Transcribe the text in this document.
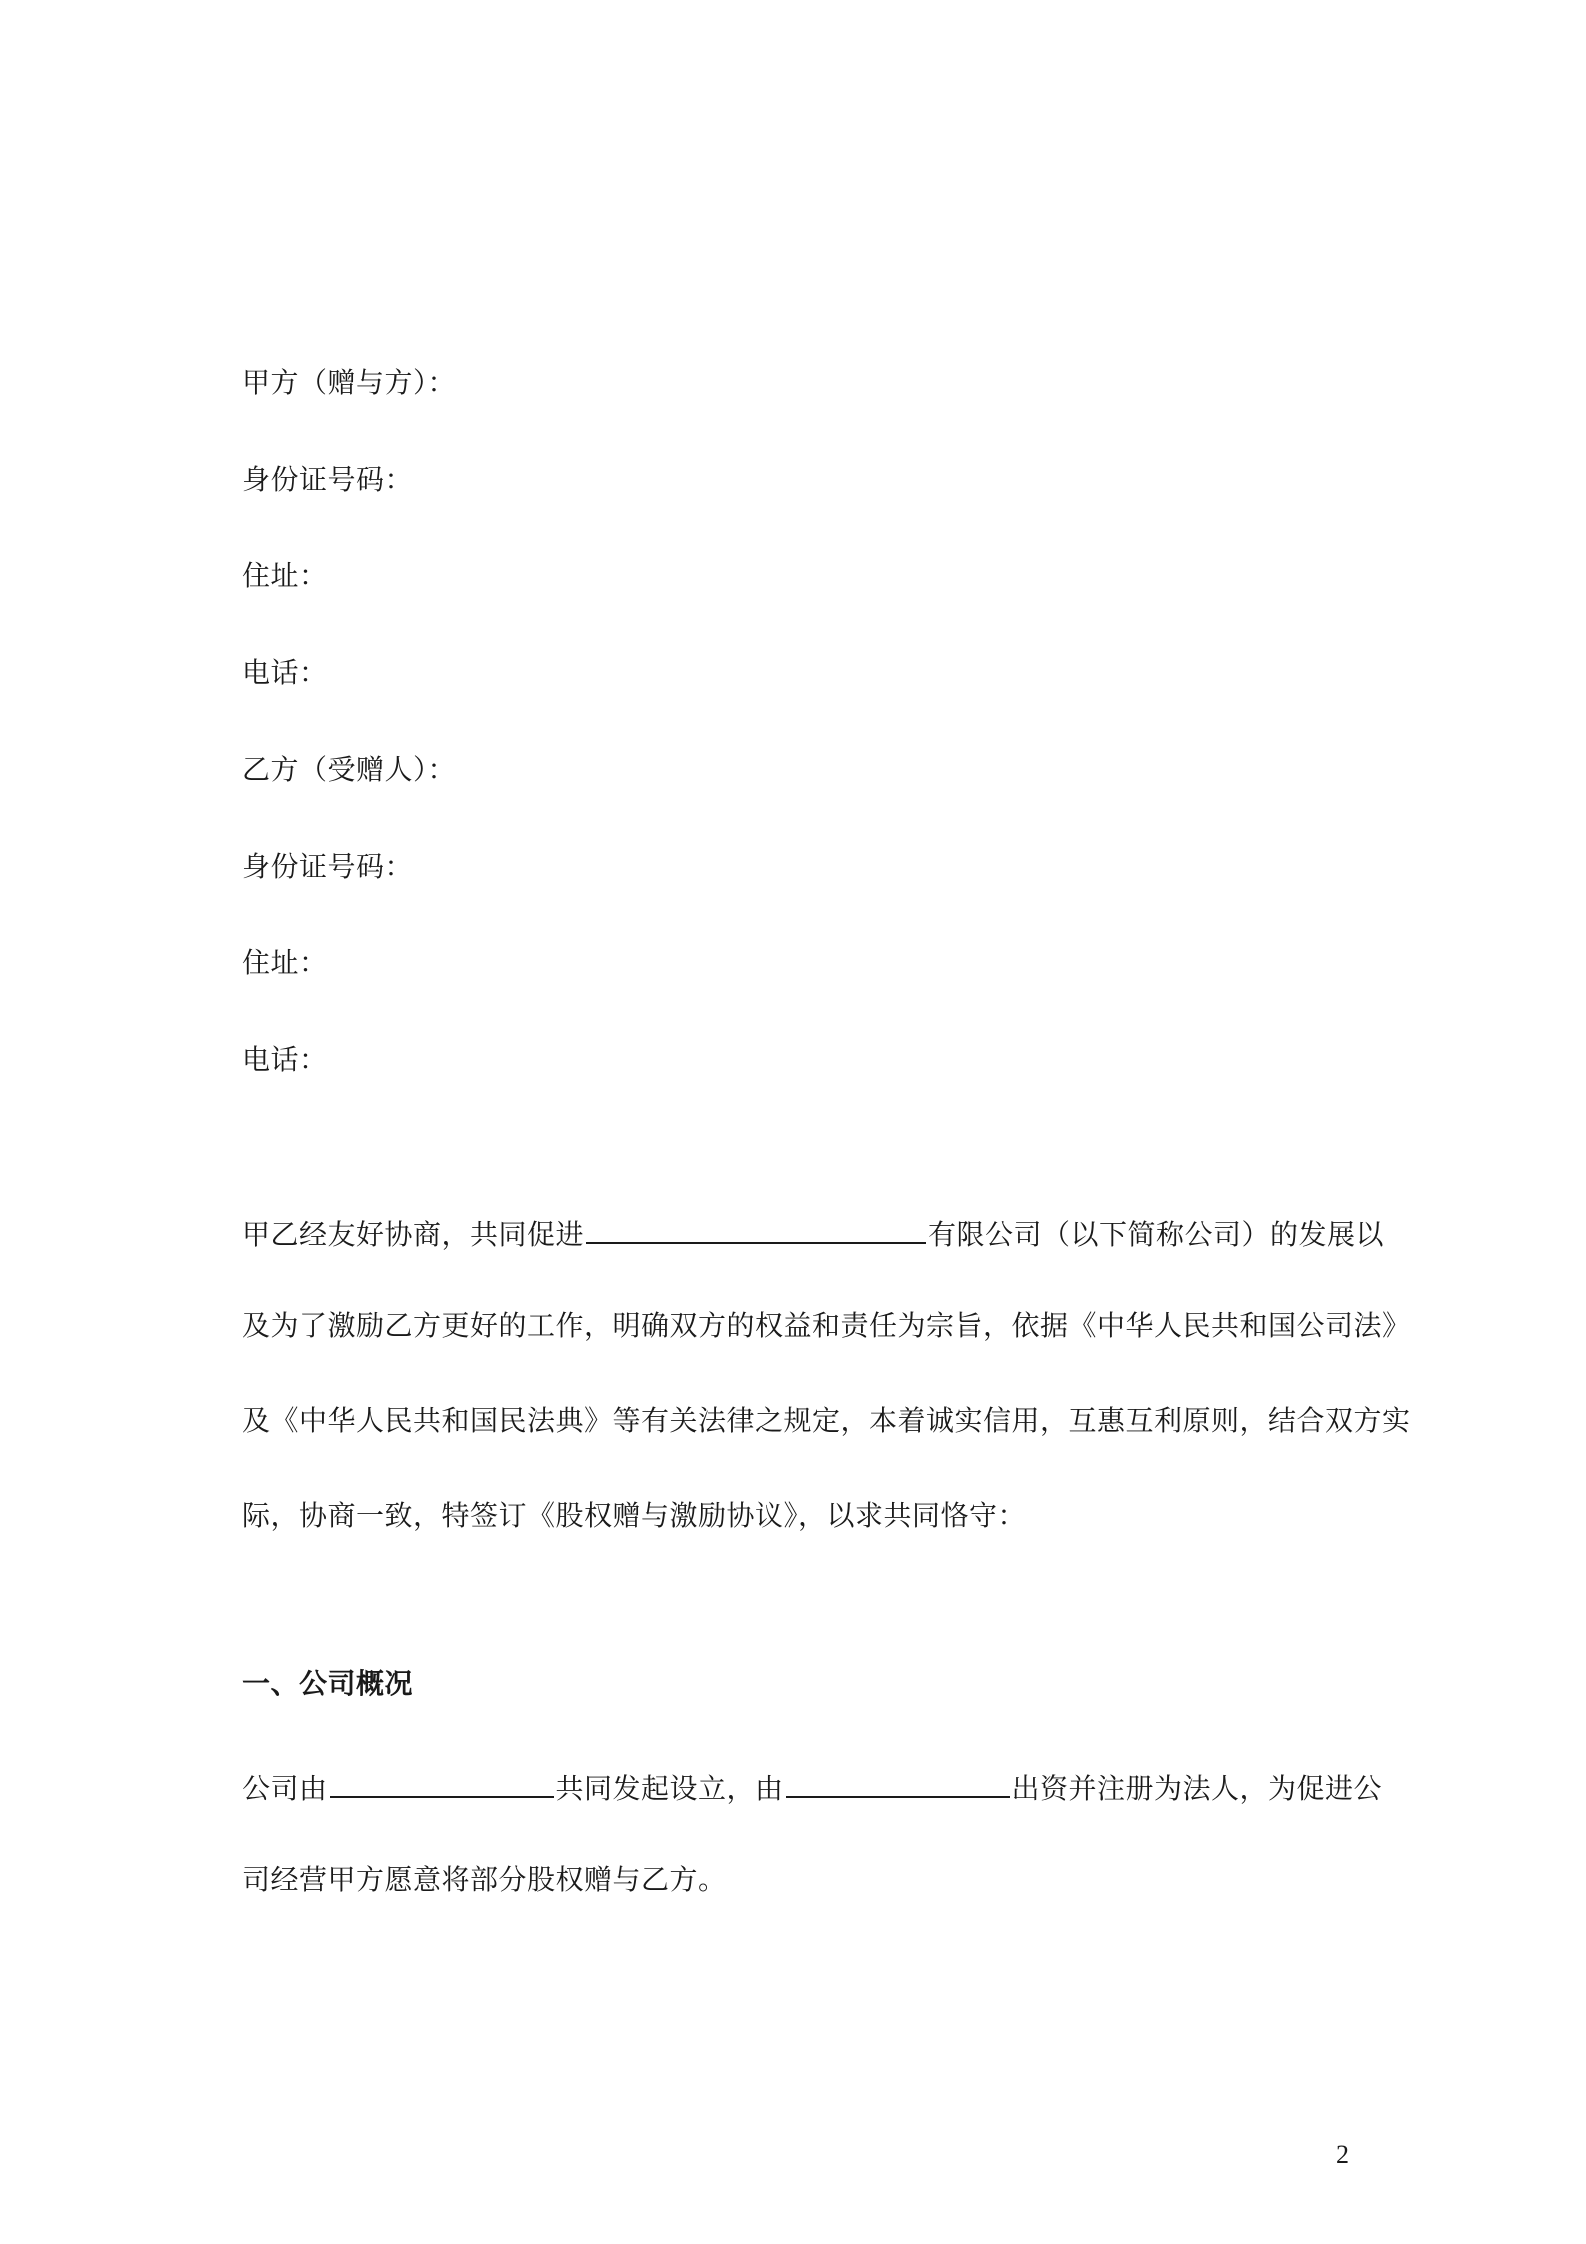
甲方（赠与方）：
身份证号码：
住址：
电话：
乙方（受赠人）：
身份证号码：
住址：
电话：
甲乙经友好协商，共同促进	有限公司（以下简称公司）的发展以
及为了激励乙方更好的工作，明确双方的权益和责任为宗旨，依据《中华人民共和国公司法》
及《中华人民共和国民法典》等有关法律之规定，本着诚实信用，互惠互利原则，结合双方实
际，协商一致，特签订《股权赠与激励协议》，以求共同恪守：
一、公司概况
公司由	共同发起设立，由	出资并注册为法人，为促进公
司经营甲方愿意将部分股权赠与乙方。
2
